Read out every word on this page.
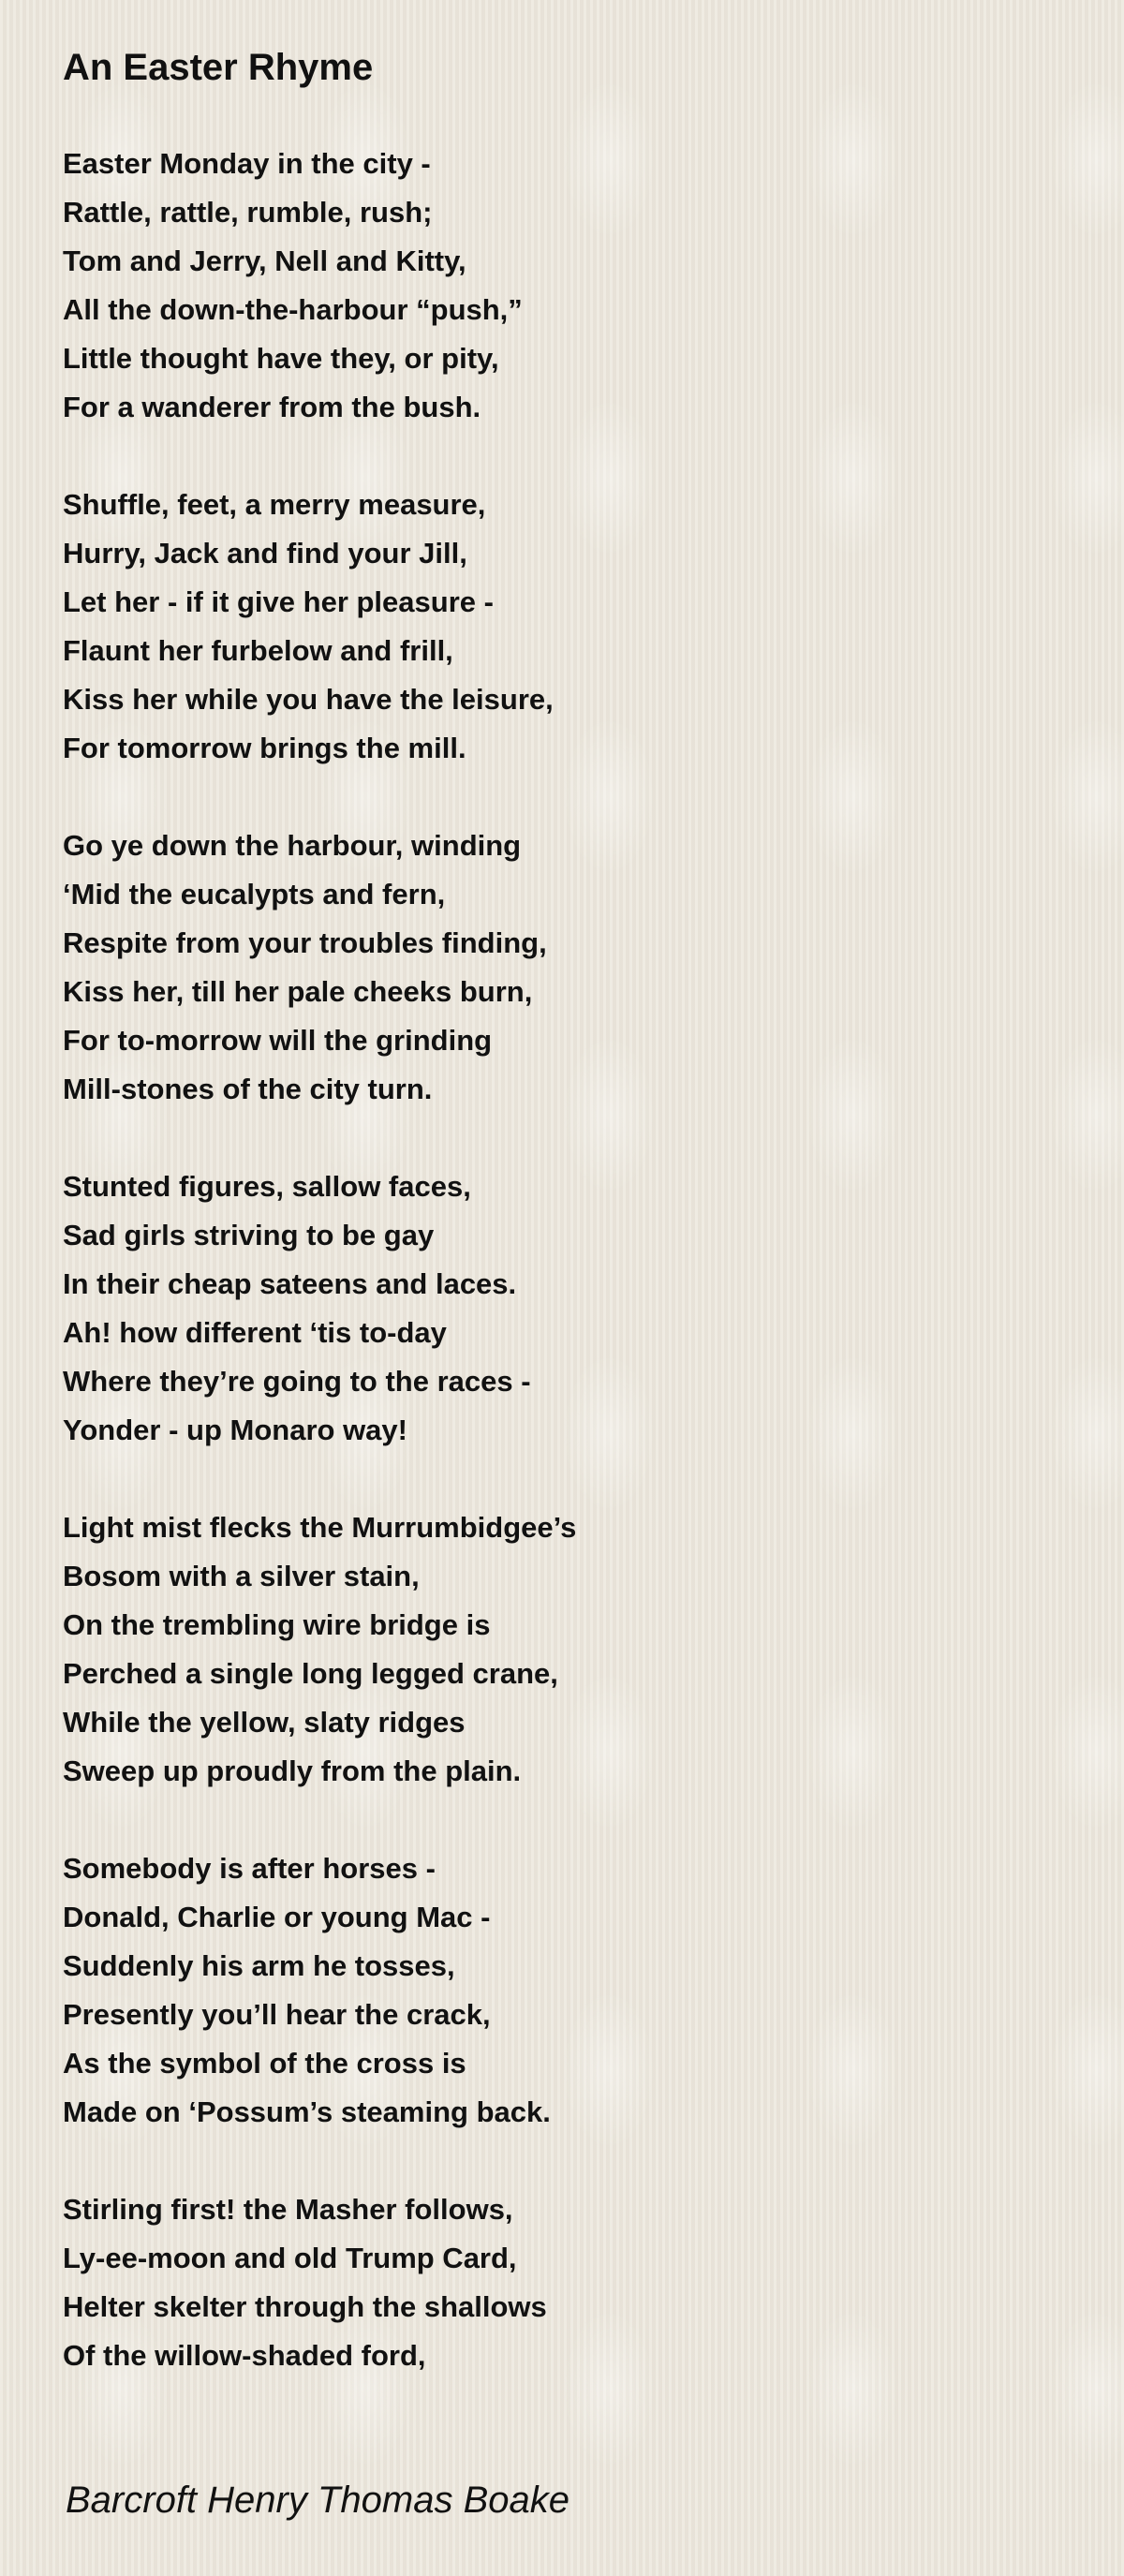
An Easter Rhyme
Easter Monday in the city -
Rattle, rattle, rumble, rush;
Tom and Jerry, Nell and Kitty,
All the down-the-harbour “push,”
Little thought have they, or pity,
For a wanderer from the bush.
Shuffle, feet, a merry measure,
Hurry, Jack and find your Jill,
Let her - if it give her pleasure -
Flaunt her furbelow and frill,
Kiss her while you have the leisure,
For tomorrow brings the mill.
Go ye down the harbour, winding
‘Mid the eucalypts and fern,
Respite from your troubles finding,
Kiss her, till her pale cheeks burn,
For to-morrow will the grinding
Mill-stones of the city turn.
Stunted figures, sallow faces,
Sad girls striving to be gay
In their cheap sateens and laces.
Ah! how different ‘tis to-day
Where they’re going to the races -
Yonder - up Monaro way!
Light mist flecks the Murrumbidgee’s
Bosom with a silver stain,
On the trembling wire bridge is
Perched a single long legged crane,
While the yellow, slaty ridges
Sweep up proudly from the plain.
Somebody is after horses -
Donald, Charlie or young Mac -
Suddenly his arm he tosses,
Presently you’ll hear the crack,
As the symbol of the cross is
Made on ‘Possum’s steaming back.
Stirling first! the Masher follows,
Ly-ee-moon and old Trump Card,
Helter skelter through the shallows
Of the willow-shaded ford,
Barcroft Henry Thomas Boake
